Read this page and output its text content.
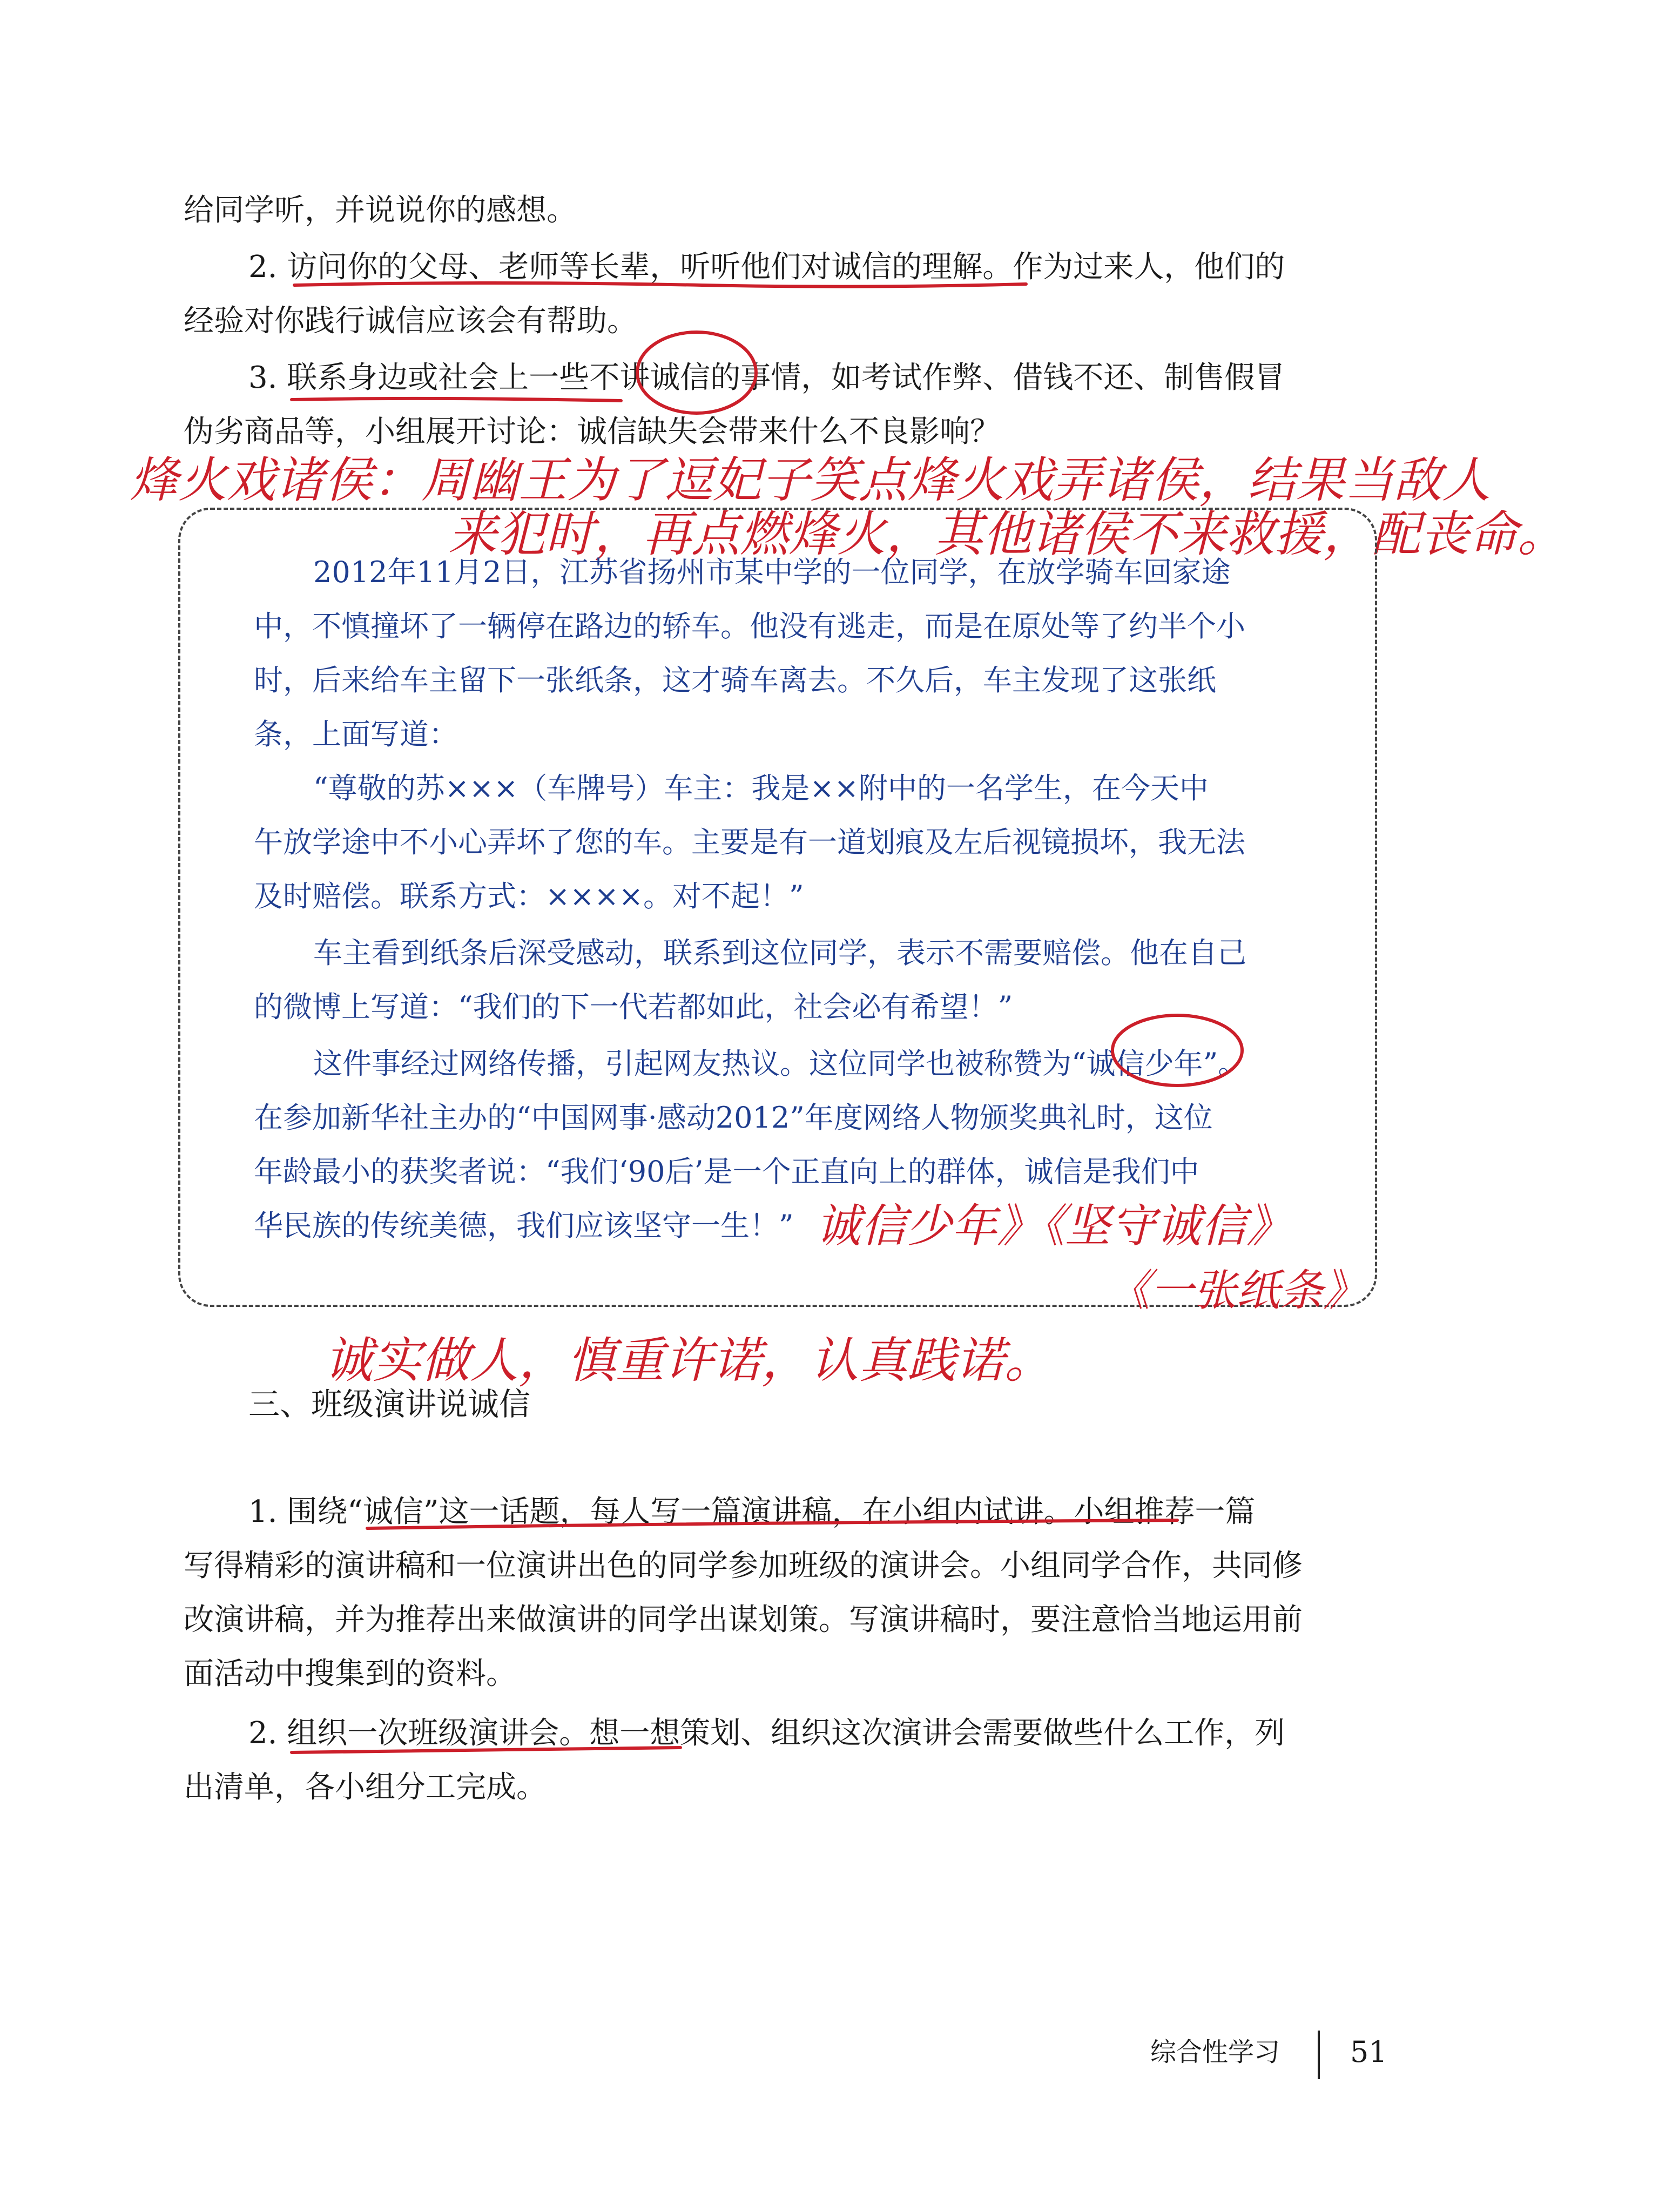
给同学听，并说说你的感想。
2. 访问你的父母、老师等长辈，听听他们对诚信的理解。作为过来人，他们的
经验对你践行诚信应该会有帮助。
3. 联系身边或社会上一些不讲诚信的事情，如考试作弊、借钱不还、制售假冒
伪劣商品等，小组展开讨论：诚信缺失会带来什么不良影响？
烽火戏诸侯：周幽王为了逗妃子笑点烽火戏弄诸侯，结果当敌人
来犯时，再点燃烽火，其他诸侯不来救援，配丧命。
2012年11月2日，江苏省扬州市某中学的一位同学，在放学骑车回家途
中，不慎撞坏了一辆停在路边的轿车。他没有逃走，而是在原处等了约半个小
时，后来给车主留下一张纸条，这才骑车离去。不久后，车主发现了这张纸
条，上面写道：
“尊敬的苏×××（车牌号）车主：我是××附中的一名学生，在今天中
午放学途中不小心弄坏了您的车。主要是有一道划痕及左后视镜损坏，我无法
及时赔偿。联系方式：××××。对不起！”
车主看到纸条后深受感动，联系到这位同学，表示不需要赔偿。他在自己
的微博上写道：“我们的下一代若都如此，社会必有希望！”
这件事经过网络传播，引起网友热议。这位同学也被称赞为“诚信少年”。
在参加新华社主办的“中国网事·感动2012”年度网络人物颁奖典礼时，这位
年龄最小的获奖者说：“我们‘90后’是一个正直向上的群体，诚信是我们中
华民族的传统美德，我们应该坚守一生！” 诚信少年》《坚守诚信》
《一张纸条》
诚实做人，慎重许诺，认真践诺。
三、班级演讲说诚信
1. 围绕“诚信”这一话题，每人写一篇演讲稿，在小组内试讲。小组推荐一篇
写得精彩的演讲稿和一位演讲出色的同学参加班级的演讲会。小组同学合作，共同修
改演讲稿，并为推荐出来做演讲的同学出谋划策。写演讲稿时，要注意恰当地运用前
面活动中搜集到的资料。
2. 组织一次班级演讲会。想一想策划、组织这次演讲会需要做些什么工作，列
出清单，各小组分工完成。
综合性学习 51
